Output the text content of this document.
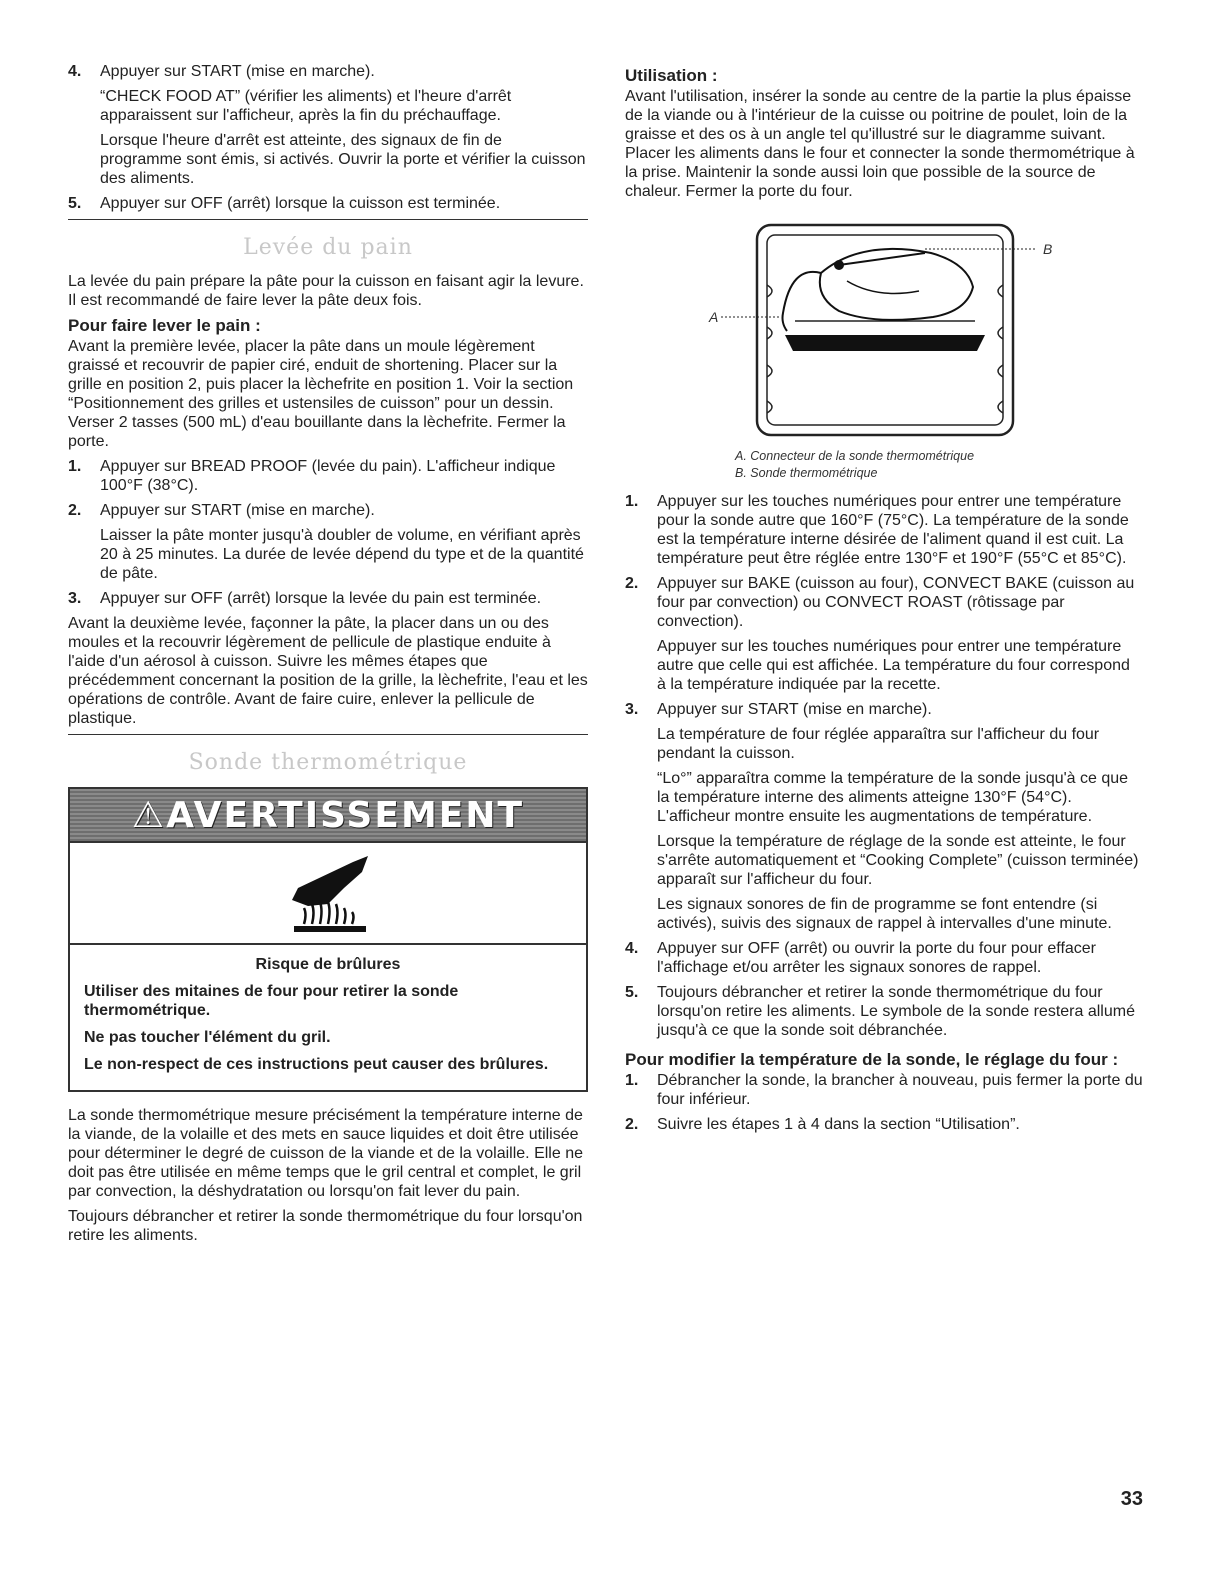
4.	Appuyer sur START (mise en marche).

“CHECK FOOD AT” (vérifier les aliments) et l'heure d'arrêt apparaissent sur l'afficheur, après la fin du préchauffage.

Lorsque l'heure d'arrêt est atteinte, des signaux de fin de programme sont émis, si activés. Ouvrir la porte et vérifier la cuisson des aliments.

5.	Appuyer sur OFF (arrêt) lorsque la cuisson est terminée.

Levée du pain

La levée du pain prépare la pâte pour la cuisson en faisant agir la levure. Il est recommandé de faire lever la pâte deux fois.

Pour faire lever le pain :

Avant la première levée, placer la pâte dans un moule légèrement graissé et recouvrir de papier ciré, enduit de shortening. Placer sur la grille en position 2, puis placer la lèchefrite en position 1. Voir la section “Positionnement des grilles et ustensiles de cuisson” pour un dessin. Verser 2 tasses (500 mL) d'eau bouillante dans la lèchefrite. Fermer la porte.

1.	Appuyer sur BREAD PROOF (levée du pain). L'afficheur indique 100°F (38°C).

2.	Appuyer sur START (mise en marche).

Laisser la pâte monter jusqu'à doubler de volume, en vérifiant après 20 à 25 minutes. La durée de levée dépend du type et de la quantité de pâte.

3.	Appuyer sur OFF (arrêt) lorsque la levée du pain est terminée.

Avant la deuxième levée, façonner la pâte, la placer dans un ou des moules et la recouvrir légèrement de pellicule de plastique enduite à l'aide d'un aérosol à cuisson. Suivre les mêmes étapes que précédemment concernant la position de la grille, la lèchefrite, l'eau et les opérations de contrôle. Avant de faire cuire, enlever la pellicule de plastique.

Sonde thermométrique
⚠AVERTISSEMENT

Risque de brûlures

Utiliser des mitaines de four pour retirer la sonde thermométrique.

Ne pas toucher l'élément du gril.

Le non-respect de ces instructions peut causer des brûlures.

La sonde thermométrique mesure précisément la température interne de la viande, de la volaille et des mets en sauce liquides et doit être utilisée pour déterminer le degré de cuisson de la viande et de la volaille. Elle ne doit pas être utilisée en même temps que le gril central et complet, le gril par convection, la déshydratation ou lorsqu'on fait lever du pain.

Toujours débrancher et retirer la sonde thermométrique du four lorsqu'on retire les aliments.

Utilisation :

Avant l'utilisation, insérer la sonde au centre de la partie la plus épaisse de la viande ou à l'intérieur de la cuisse ou poitrine de poulet, loin de la graisse et des os à un angle tel qu'illustré sur le diagramme suivant. Placer les aliments dans le four et connecter la sonde thermométrique à la prise. Maintenir la sonde aussi loin que possible de la source de chaleur. Fermer la porte du four.

A
B
A. Connecteur de la sonde thermométrique
B. Sonde thermométrique
1.	Appuyer sur les touches numériques pour entrer une température pour la sonde autre que 160°F (75°C). La température de la sonde est la température interne désirée de l'aliment quand il est cuit. La température peut être réglée entre 130°F et 190°F (55°C et 85°C).

2.	Appuyer sur BAKE (cuisson au four), CONVECT BAKE (cuisson au four par convection) ou CONVECT ROAST (rôtissage par convection).

Appuyer sur les touches numériques pour entrer une température autre que celle qui est affichée. La température du four correspond à la température indiquée par la recette.

3.	Appuyer sur START (mise en marche).

La température de four réglée apparaîtra sur l'afficheur du four pendant la cuisson.

“Lo°” apparaîtra comme la température de la sonde jusqu'à ce que la température interne des aliments atteigne 130°F (54°C). L'afficheur montre ensuite les augmentations de température.

Lorsque la température de réglage de la sonde est atteinte, le four s'arrête automatiquement et “Cooking Complete” (cuisson terminée) apparaît sur l'afficheur du four.

Les signaux sonores de fin de programme se font entendre (si activés), suivis des signaux de rappel à intervalles d'une minute.

4.	Appuyer sur OFF (arrêt) ou ouvrir la porte du four pour effacer l'affichage et/ou arrêter les signaux sonores de rappel.

5.	Toujours débrancher et retirer la sonde thermométrique du four lorsqu'on retire les aliments. Le symbole de la sonde restera allumé jusqu'à ce que la sonde soit débranchée.

Pour modifier la température de la sonde, le réglage du four :
1.	Débrancher la sonde, la brancher à nouveau, puis fermer la porte du four inférieur.

2.	Suivre les étapes 1 à 4 dans la section “Utilisation”.

33
